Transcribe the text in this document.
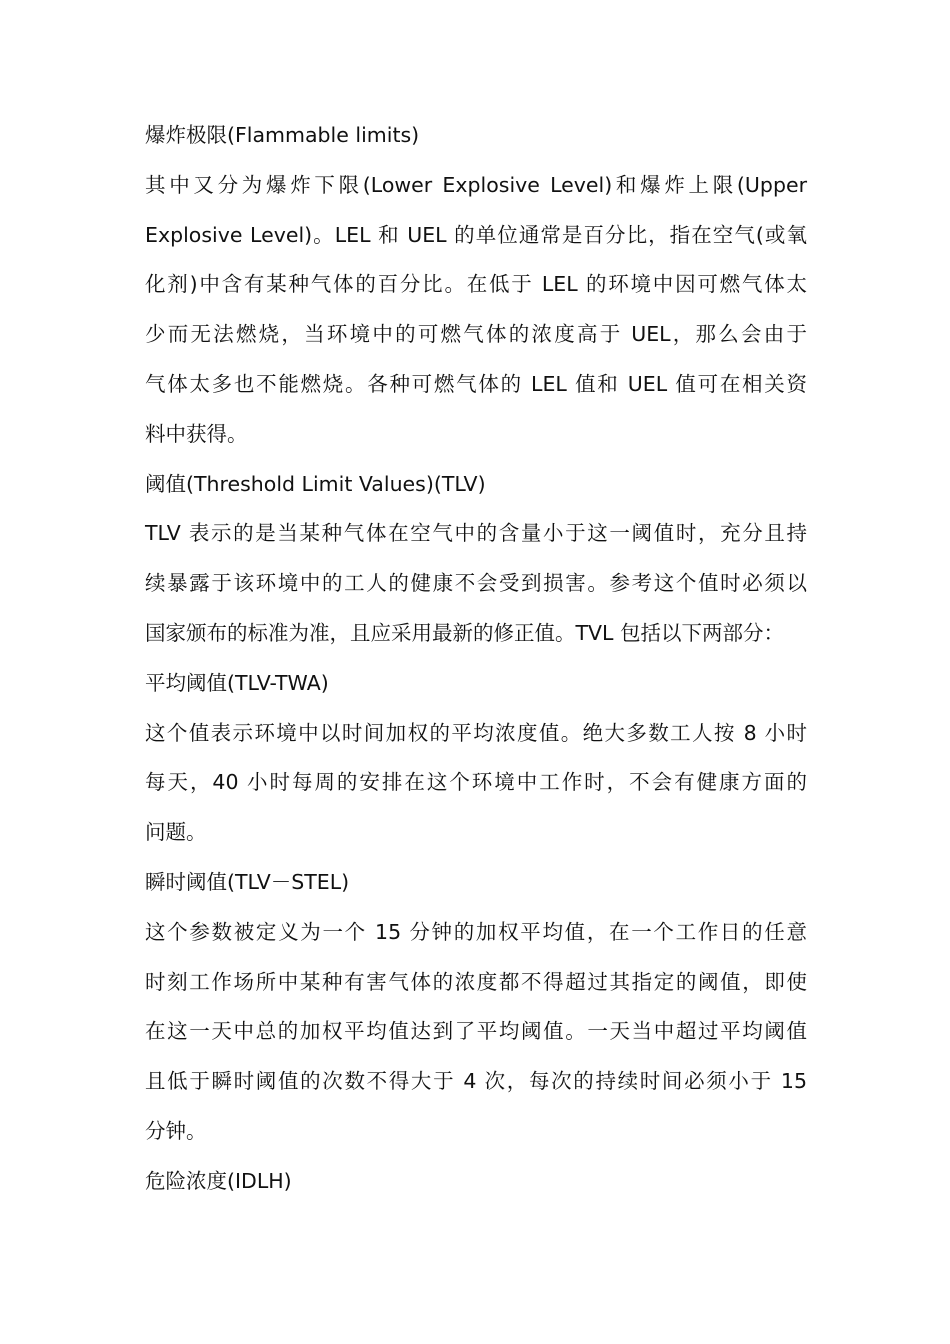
爆炸极限(Flammable limits)
其中又分为爆炸下限(Lower Explosive Level)和爆炸上限(Upper
Explosive Level)。LEL 和 UEL 的单位通常是百分比，指在空气(或氧
化剂)中含有某种气体的百分比。在低于 LEL 的环境中因可燃气体太
少而无法燃烧，当环境中的可燃气体的浓度高于 UEL，那么会由于
气体太多也不能燃烧。各种可燃气体的 LEL 值和 UEL 值可在相关资
料中获得。
阈值(Threshold Limit Values)(TLV)
TLV 表示的是当某种气体在空气中的含量小于这一阈值时，充分且持
续暴露于该环境中的工人的健康不会受到损害。参考这个值时必须以
国家颁布的标准为准，且应采用最新的修正值。TVL 包括以下两部分：
平均阈值(TLV-TWA)
这个值表示环境中以时间加权的平均浓度值。绝大多数工人按 8 小时
每天，40 小时每周的安排在这个环境中工作时，不会有健康方面的
问题。
瞬时阈值(TLV－STEL)
这个参数被定义为一个 15 分钟的加权平均值，在一个工作日的任意
时刻工作场所中某种有害气体的浓度都不得超过其指定的阈值，即使
在这一天中总的加权平均值达到了平均阈值。一天当中超过平均阈值
且低于瞬时阈值的次数不得大于 4 次，每次的持续时间必须小于 15
分钟。
危险浓度(IDLH)
